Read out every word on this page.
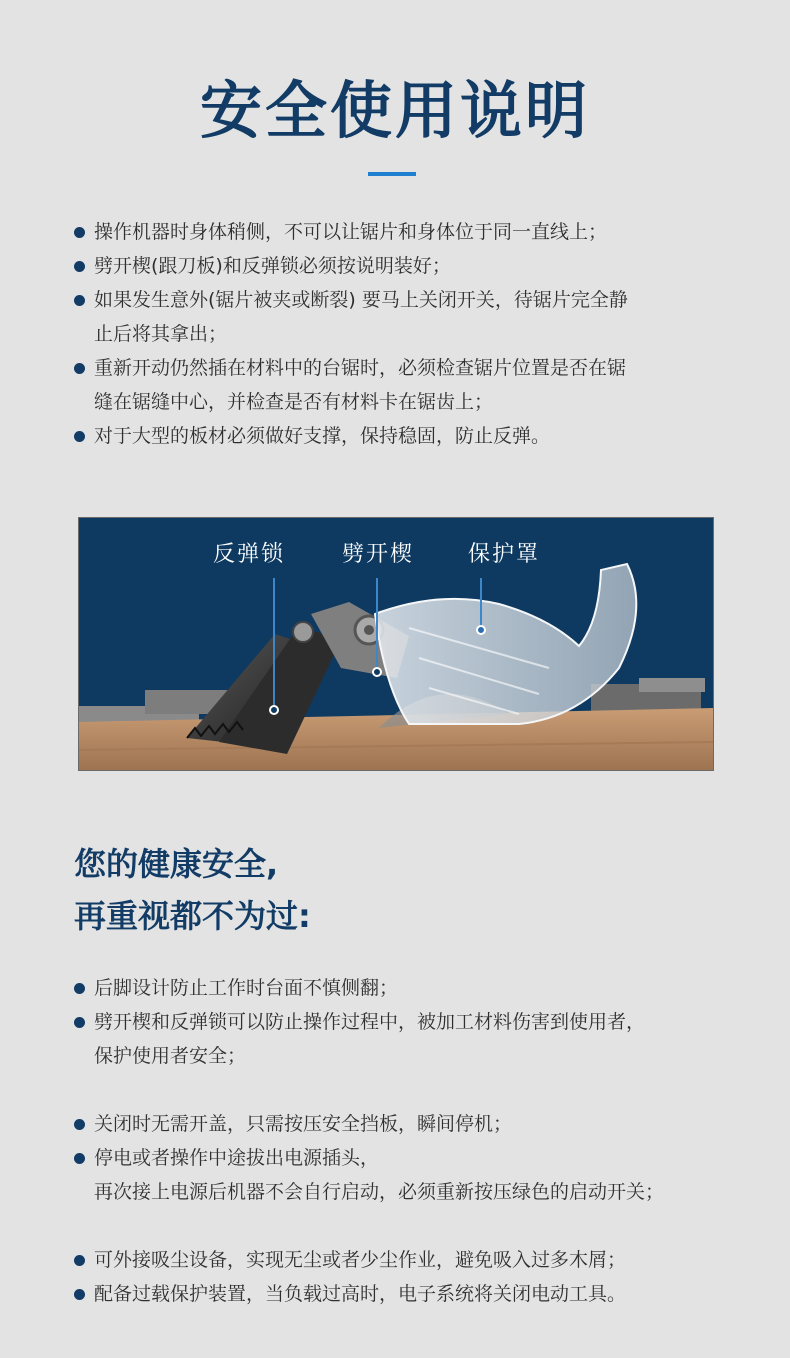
安全使用说明
操作机器时身体稍侧，不可以让锯片和身体位于同一直线上；
劈开楔(跟刀板)和反弹锁必须按说明装好；
如果发生意外(锯片被夹或断裂) 要马上关闭开关，待锯片完全静
止后将其拿出；
重新开动仍然插在材料中的台锯时，必须检查锯片位置是否在锯
缝在锯缝中心，并检查是否有材料卡在锯齿上；
对于大型的板材必须做好支撑，保持稳固，防止反弹。
反弹锁	劈开楔 保护罩
您的健康安全,
再重视都不为过:
后脚设计防止工作时台面不慎侧翻；
劈开楔和反弹锁可以防止操作过程中，被加工材料伤害到使用者，
保护使用者安全；
关闭时无需开盖，只需按压安全挡板，瞬间停机；
停电或者操作中途拔出电源插头，
再次接上电源后机器不会自行启动，必须重新按压绿色的启动开关；
可外接吸尘设备，实现无尘或者少尘作业，避免吸入过多木屑；
配备过载保护装置，当负载过高时，电子系统将关闭电动工具。
